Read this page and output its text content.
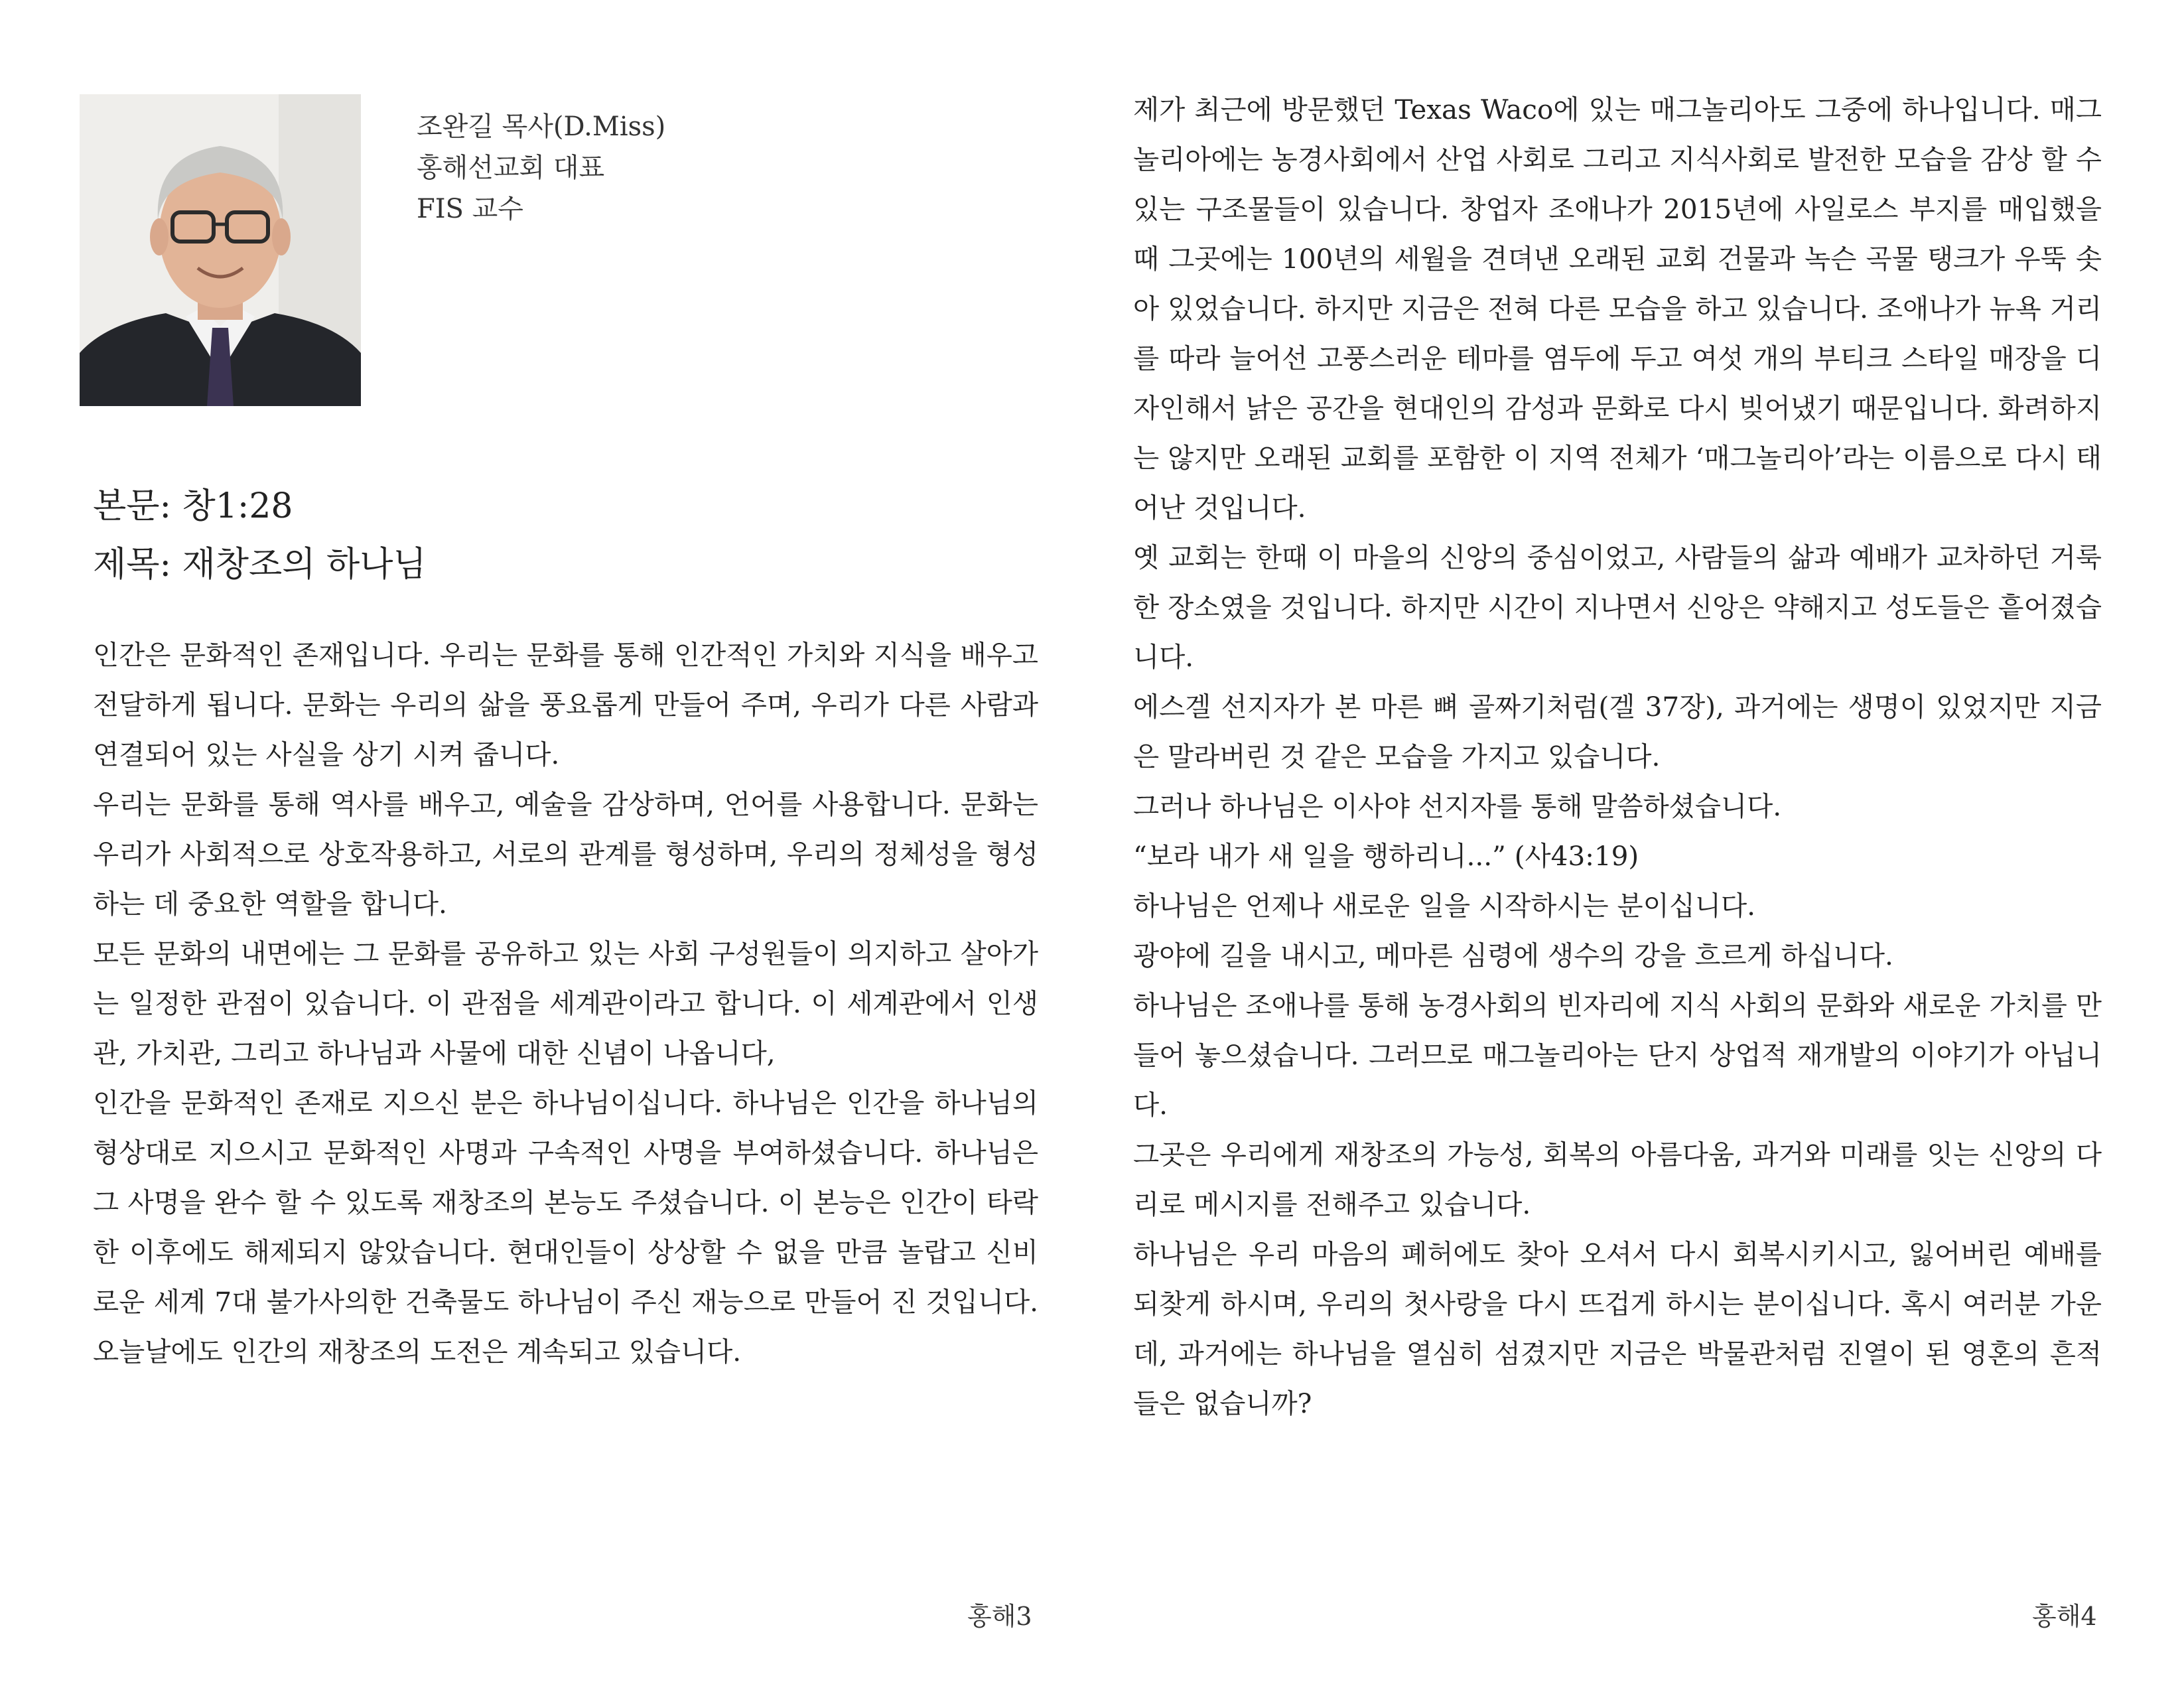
조완길 목사(D.Miss)
홍해선교회 대표
FIS 교수
본문: 창1:28
제목: 재창조의 하나님

인간은 문화적인 존재입니다. 우리는 문화를 통해 인간적인 가치와 지식을 배우고 전달하게 됩니다. 문화는 우리의 삶을 풍요롭게 만들어 주며, 우리가 다른 사람과 연결되어 있는 사실을 상기 시켜 줍니다.

우리는 문화를 통해 역사를 배우고, 예술을 감상하며, 언어를 사용합니다. 문화는 우리가 사회적으로 상호작용하고, 서로의 관계를 형성하며, 우리의 정체성을 형성하는 데 중요한 역할을 합니다.

모든 문화의 내면에는 그 문화를 공유하고 있는 사회 구성원들이 의지하고 살아가는 일정한 관점이 있습니다. 이 관점을 세계관이라고 합니다. 이 세계관에서 인생관, 가치관, 그리고 하나님과 사물에 대한 신념이 나옵니다,

인간을 문화적인 존재로 지으신 분은 하나님이십니다. 하나님은 인간을 하나님의 형상대로 지으시고 문화적인 사명과 구속적인 사명을 부여하셨습니다. 하나님은 그 사명을 완수 할 수 있도록 재창조의 본능도 주셨습니다. 이 본능은 인간이 타락한 이후에도 해제되지 않았습니다. 현대인들이 상상할 수 없을 만큼 놀랍고 신비로운 세계 7대 불가사의한 건축물도 하나님이 주신 재능으로 만들어 진 것입니다. 오늘날에도 인간의 재창조의 도전은 계속되고 있습니다.

홍해3

제가 최근에 방문했던 Texas Waco에 있는 매그놀리아도 그중에 하나입니다. 매그놀리아에는 농경사회에서 산업 사회로 그리고 지식사회로 발전한 모습을 감상 할 수 있는 구조물들이 있습니다. 창업자 조애나가 2015년에 사일로스 부지를 매입했을 때 그곳에는 100년의 세월을 견뎌낸 오래된 교회 건물과 녹슨 곡물 탱크가 우뚝 솟아 있었습니다. 하지만 지금은 전혀 다른 모습을 하고 있습니다. 조애나가 뉴욕 거리를 따라 늘어선 고풍스러운 테마를 염두에 두고 여섯 개의 부티크 스타일 매장을 디자인해서 낡은 공간을 현대인의 감성과 문화로 다시 빚어냈기 때문입니다. 화려하지는 않지만 오래된 교회를 포함한 이 지역 전체가 ‘매그놀리아’라는 이름으로 다시 태어난 것입니다.

옛 교회는 한때 이 마을의 신앙의 중심이었고, 사람들의 삶과 예배가 교차하던 거룩한 장소였을 것입니다. 하지만 시간이 지나면서 신앙은 약해지고 성도들은 흩어졌습니다.

에스겔 선지자가 본 마른 뼈 골짜기처럼(겔 37장), 과거에는 생명이 있었지만 지금은 말라버린 것 같은 모습을 가지고 있습니다.

그러나 하나님은 이사야 선지자를 통해 말씀하셨습니다.

“보라 내가 새 일을 행하리니...” (사43:19)

하나님은 언제나 새로운 일을 시작하시는 분이십니다.

광야에 길을 내시고, 메마른 심령에 생수의 강을 흐르게 하십니다.

하나님은 조애나를 통해 농경사회의 빈자리에 지식 사회의 문화와 새로운 가치를 만들어 놓으셨습니다. 그러므로 매그놀리아는 단지 상업적 재개발의 이야기가 아닙니다.

그곳은 우리에게 재창조의 가능성, 회복의 아름다움, 과거와 미래를 잇는 신앙의 다리로 메시지를 전해주고 있습니다.

하나님은 우리 마음의 폐허에도 찾아 오셔서 다시 회복시키시고, 잃어버린 예배를 되찾게 하시며, 우리의 첫사랑을 다시 뜨겁게 하시는 분이십니다. 혹시 여러분 가운데, 과거에는 하나님을 열심히 섬겼지만 지금은 박물관처럼 진열이 된 영혼의 흔적들은 없습니까?

홍해4
